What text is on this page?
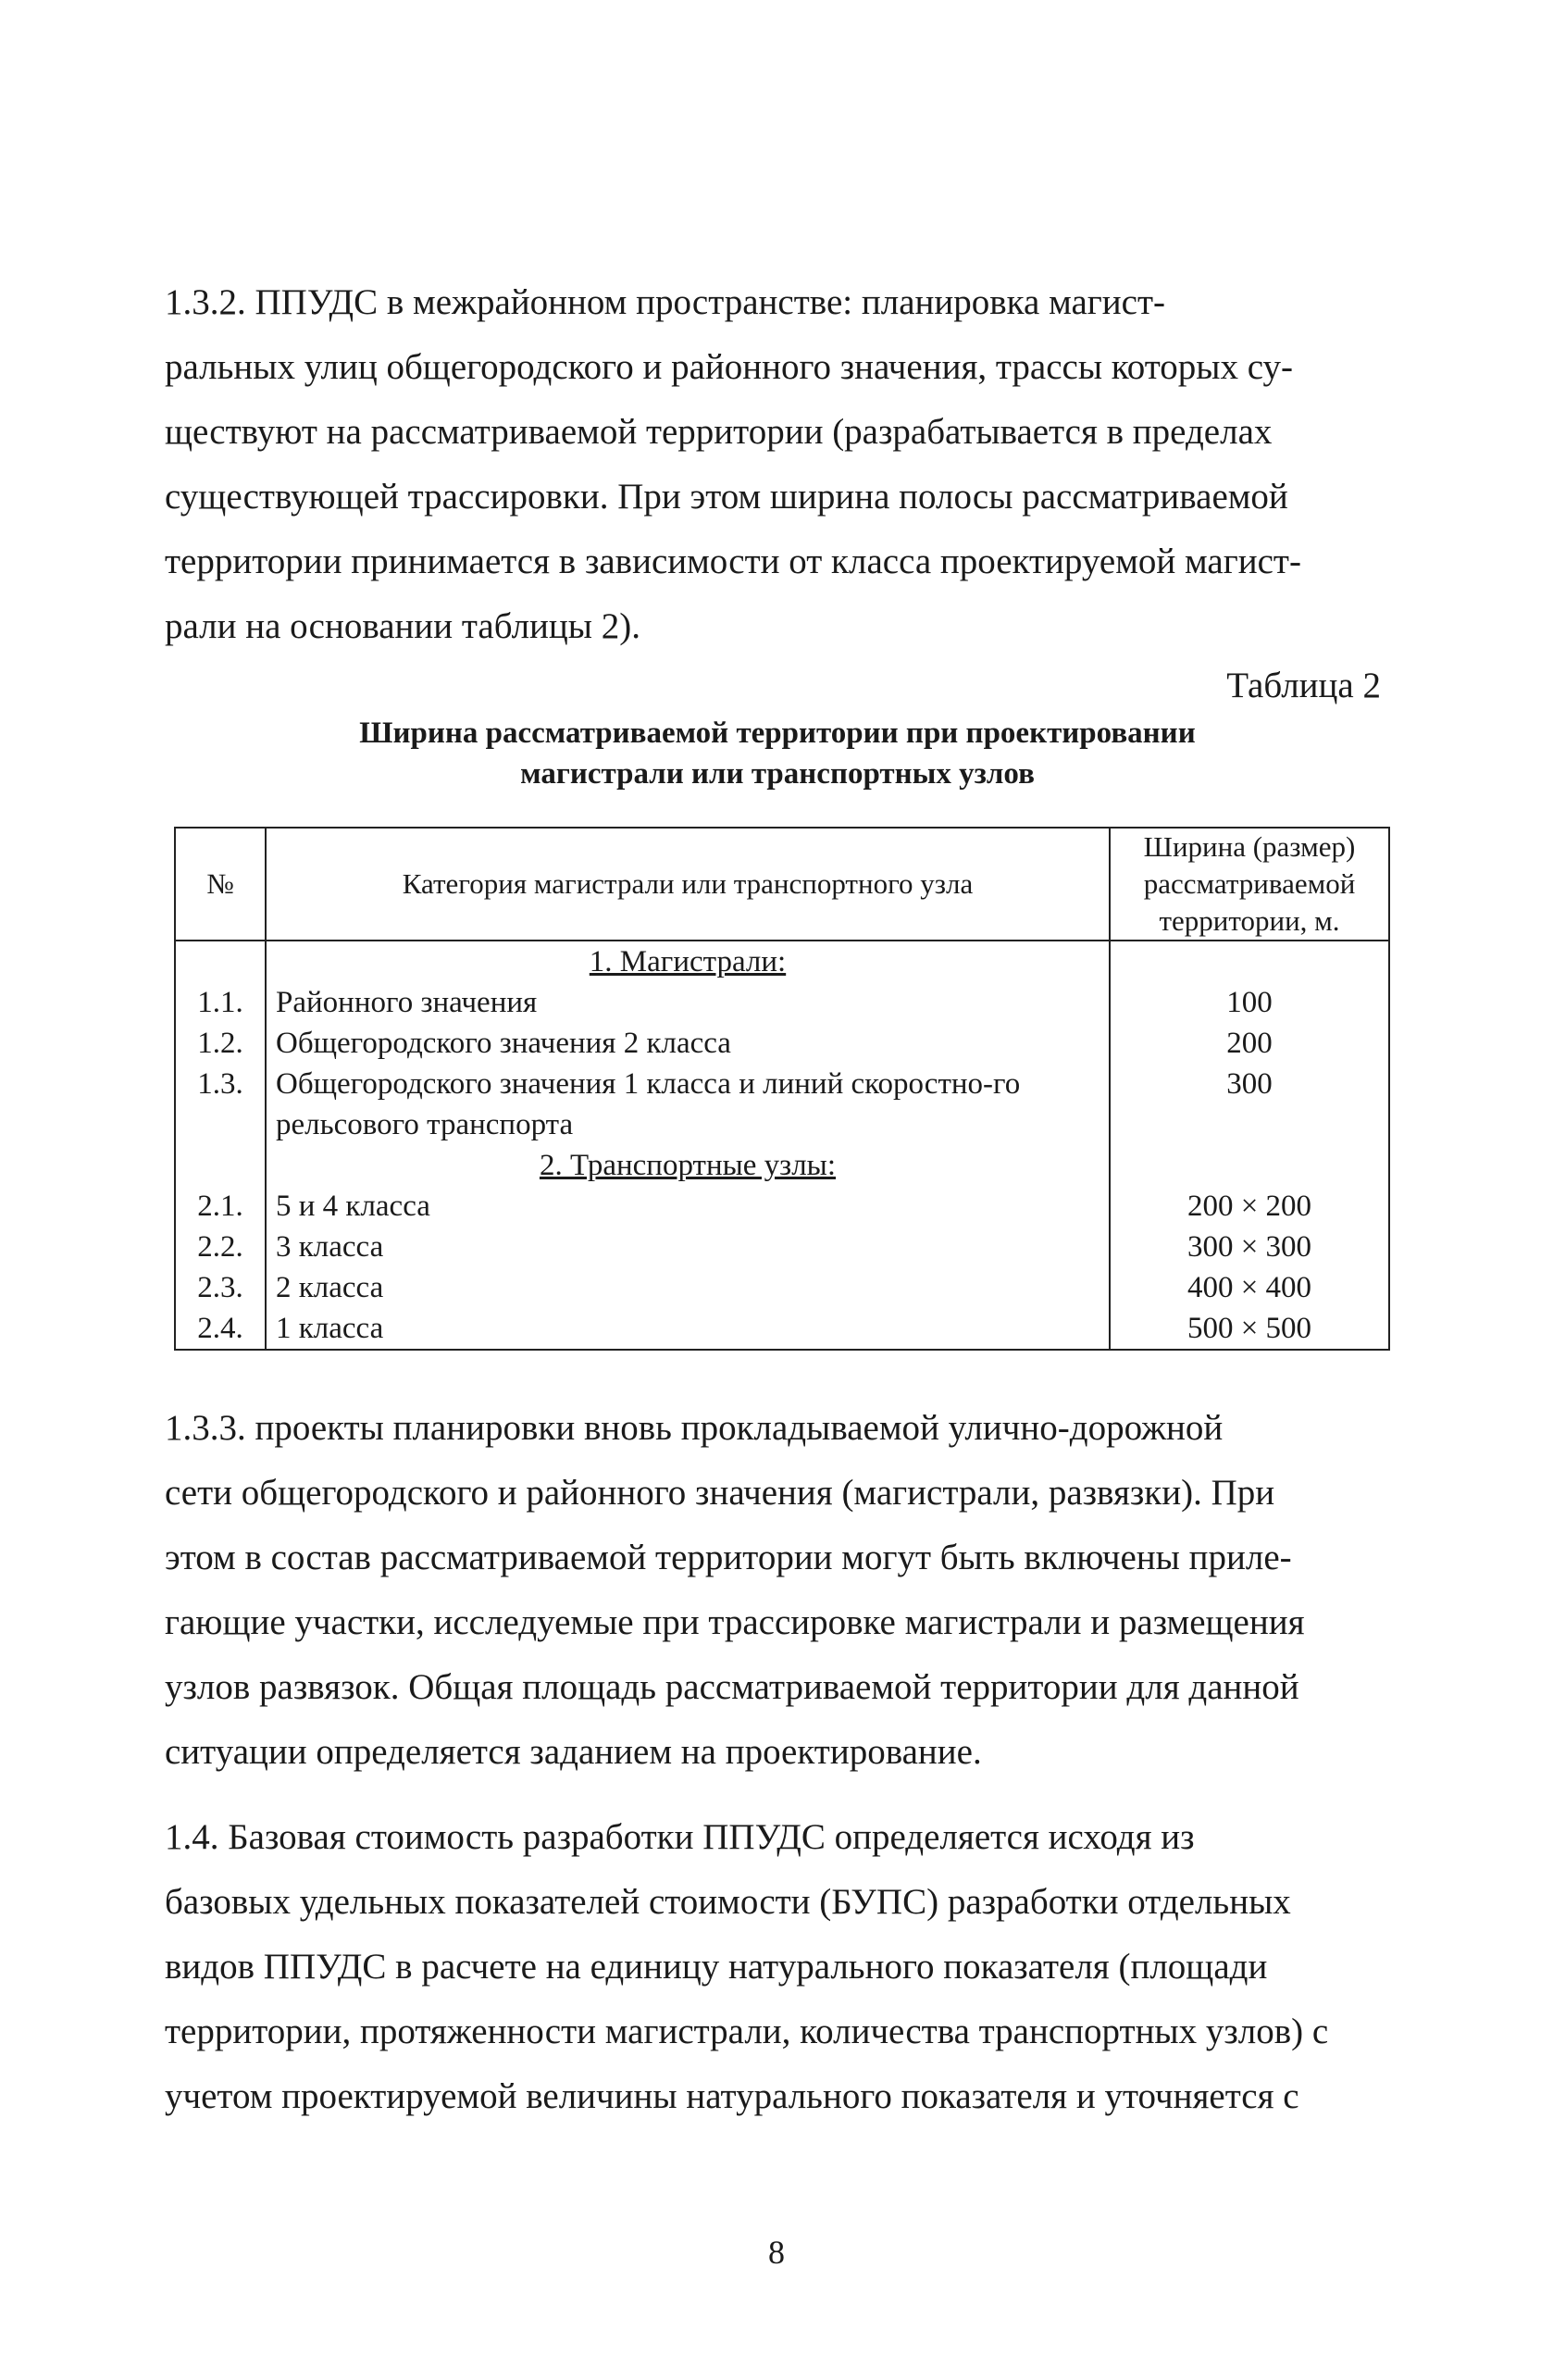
1.3.2. ППУДС в межрайонном пространстве: планировка магист-
ральных улиц общегородского и районного значения, трассы которых су-
ществуют на рассматриваемой территории (разрабатывается в пределах
существующей трассировки. При этом ширина полосы рассматриваемой
территории принимается в зависимости от класса проектируемой магист-
рали на основании таблицы 2).
Таблица 2
Ширина рассматриваемой территории при проектировании
магистрали или транспортных узлов
№	Категория магистрали или транспортного узла	Ширина (размер) рассматриваемой территории, м.
	1. Магистрали:	
1.1.	Районного значения	100
1.2.	Общегородского значения 2 класса	200
1.3.	Общегородского значения 1 класса и линий скоростно-го рельсового транспорта	300
	2. Транспортные узлы:	
2.1.	5 и 4 класса	200 × 200
2.2.	3 класса	300 × 300
2.3.	2 класса	400 × 400
2.4.	1 класса	500 × 500
1.3.3. проекты планировки вновь прокладываемой улично-дорожной
сети общегородского и районного значения (магистрали, развязки). При
этом в состав рассматриваемой территории могут быть включены приле-
гающие участки, исследуемые при трассировке магистрали и размещения
узлов развязок. Общая площадь рассматриваемой территории для данной
ситуации определяется заданием на проектирование.
1.4. Базовая стоимость разработки ППУДС определяется исходя из
базовых удельных показателей стоимости (БУПС) разработки отдельных
видов ППУДС в расчете на единицу натурального показателя (площади
территории, протяженности магистрали, количества транспортных узлов) с
учетом проектируемой величины натурального показателя и уточняется с
8
